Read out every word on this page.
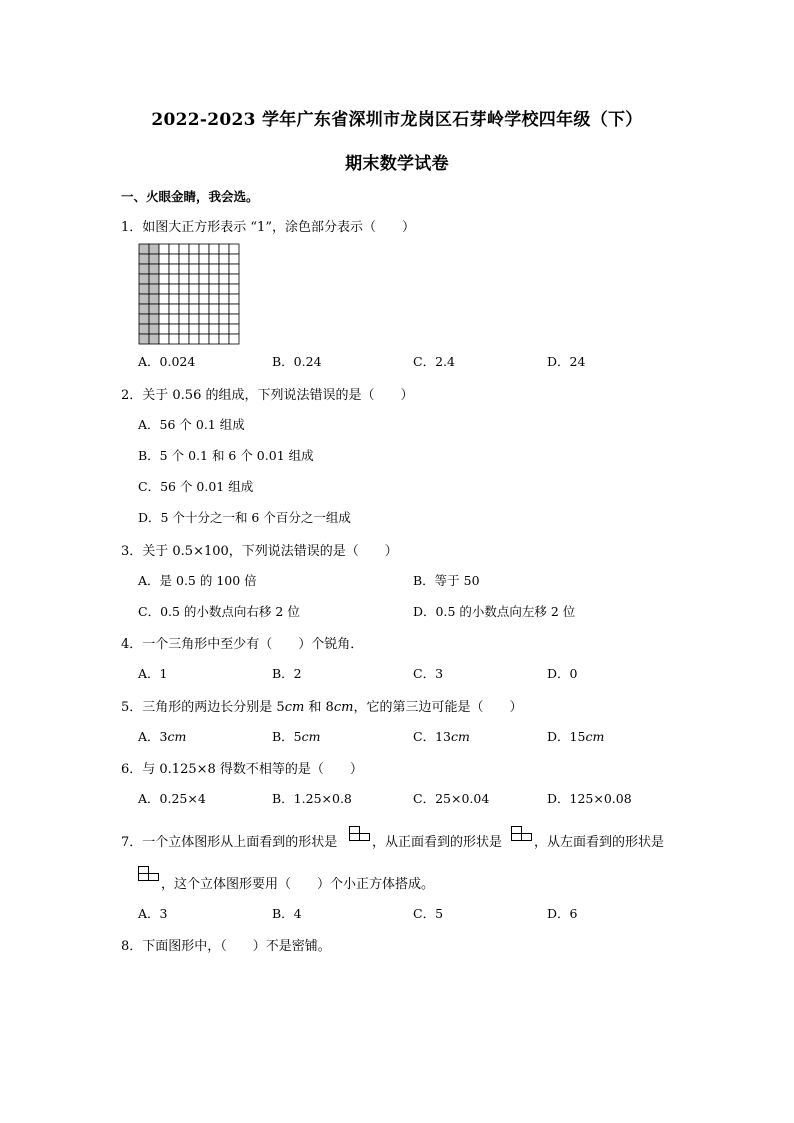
2022-2023 学年广东省深圳市龙岗区石芽岭学校四年级（下）
期末数学试卷
一、火眼金睛，我会选。
1．如图大正方形表示 “1”，涂色部分表示（　　）
A．0.024	B．0.24	C．2.4	D．24
2．关于 0.56 的组成，下列说法错误的是（　　）
A．56 个 0.1 组成
B．5 个 0.1 和 6 个 0.01 组成
C．56 个 0.01 组成
D．5 个十分之一和 6 个百分之一组成
3．关于 0.5×100，下列说法错误的是（　　）
A．是 0.5 的 100 倍	B．等于 50
C．0.5 的小数点向右移 2 位	D．0.5 的小数点向左移 2 位
4．一个三角形中至少有（　　）个锐角．
A．1	B．2	C．3	D．0
5．三角形的两边长分别是 5cm 和 8cm，它的第三边可能是（　　）
A．3cm	B．5cm	C．13cm	D．15cm
6．与 0.125×8 得数不相等的是（　　）
A．0.25×4	B．1.25×0.8	C．25×0.04	D．125×0.08
7．一个立体图形从上面看到的形状是	，从正面看到的形状是 ，从左面看到的形状是
，这个立体图形要用（　　）个小正方体搭成。
A．3	B．4	C．5	D．6
8．下面图形中，（　　）不是密铺。
